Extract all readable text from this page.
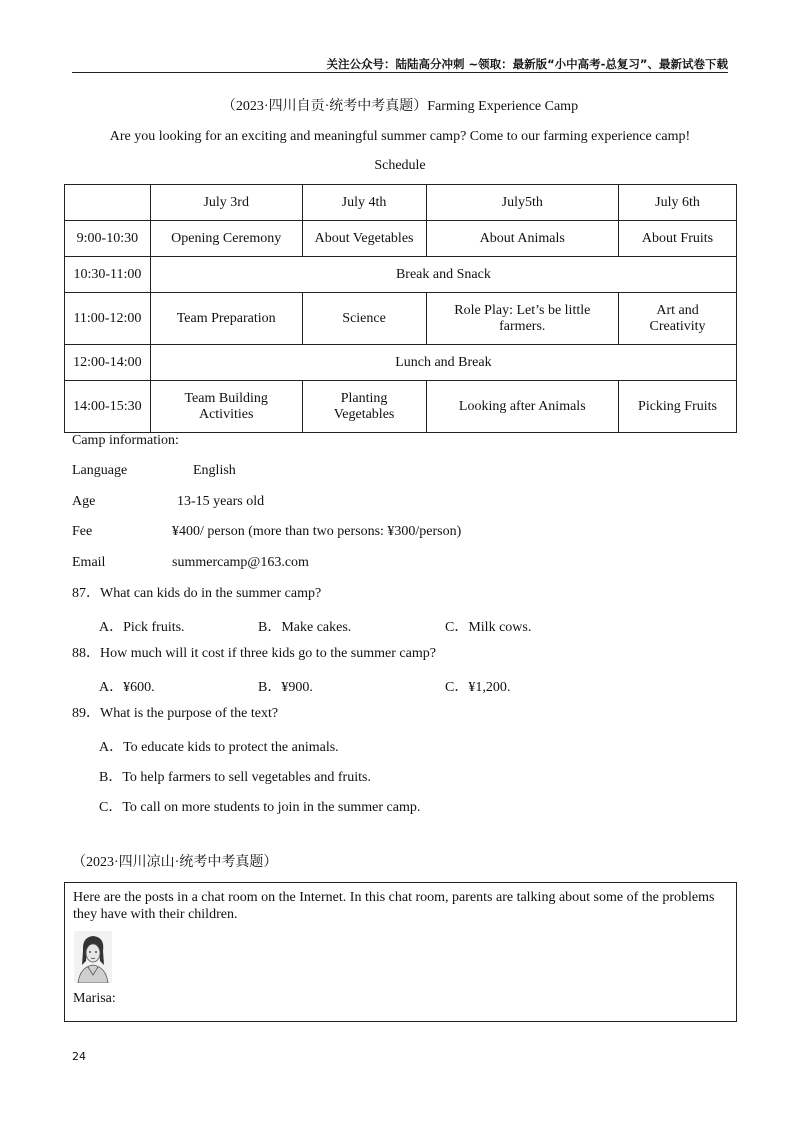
关注公众号：陆陆高分冲刺 ~领取：最新版“小中高考-总复习”、最新试卷下载
（2023·四川自贡·统考中考真题）Farming Experience Camp
Are you looking for an exciting and meaningful summer camp? Come to our farming experience camp!
Schedule
	July 3rd	July 4th	July5th	July 6th
9:00-10:30	Opening Ceremony	About Vegetables	About Animals	About Fruits
10:30-11:00	Break and Snack			
11:00-12:00	Team Preparation	Science	Role Play: Let’s be little farmers.	Art and Creativity
12:00-14:00	Lunch and Break			
14:00-15:30	Team Building Activities	Planting Vegetables	Looking after Animals	Picking Fruits
Camp information:
Language	English
Age	13-15 years old
Fee	¥400/ person (more than two persons: ¥300/person)
Email	summercamp@163.com
87．What can kids do in the summer camp?
A．Pick fruits.	B．Make cakes.	C．Milk cows.
88．How much will it cost if three kids go to the summer camp?
A．¥600.	B．¥900.	C．¥1,200.
89．What is the purpose of the text?
A．To educate kids to protect the animals.
B．To help farmers to sell vegetables and fruits.
C．To call on more students to join in the summer camp.
（2023·四川凉山·统考中考真题）
Here are the posts in a chat room on the Internet. In this chat room, parents are talking about some of the problems they have with their children.
Marisa:
24
